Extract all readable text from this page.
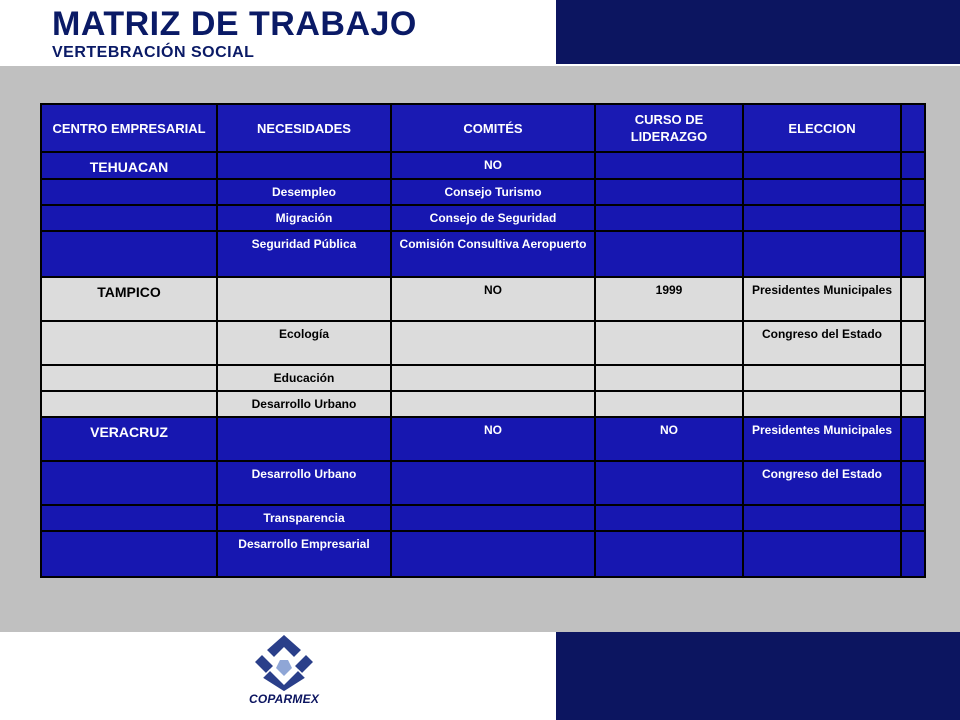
MATRIZ DE TRABAJO
VERTEBRACIÓN SOCIAL
CENTRO EMPRESARIAL	NECESIDADES	COMITÉS	CURSO DE LIDERAZGO	ELECCION	
TEHUACAN		NO			
	Desempleo	Consejo Turismo			
	Migración	Consejo de Seguridad			
	Seguridad Pública	Comisión Consultiva Aeropuerto			
TAMPICO		NO	1999	Presidentes Municipales	
	Ecología			Congreso del Estado	
	Educación				
	Desarrollo Urbano				
VERACRUZ		NO	NO	Presidentes Municipales	
	Desarrollo Urbano			Congreso del Estado	
	Transparencia				
	Desarrollo Empresarial				
COPARMEX
